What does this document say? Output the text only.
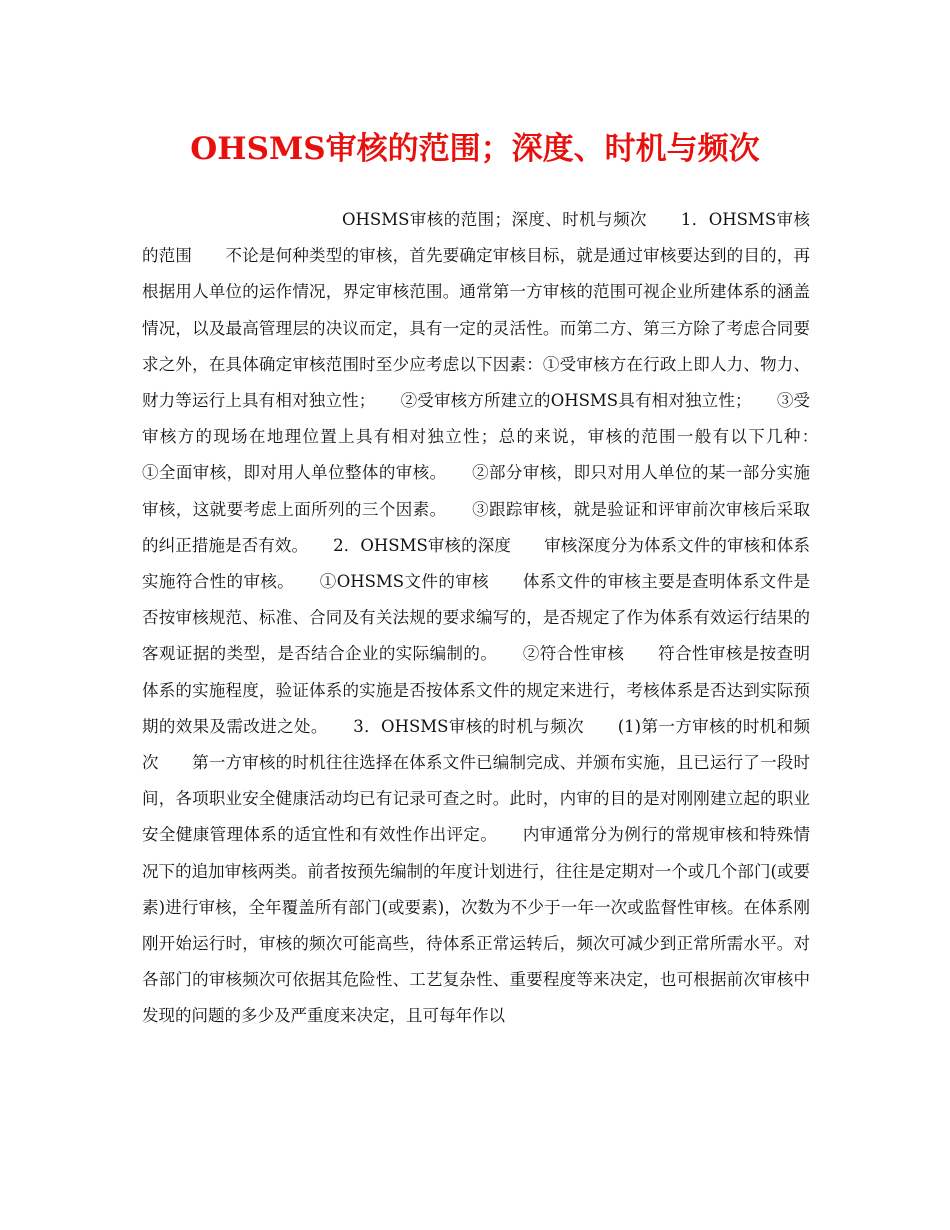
OHSMS审核的范围；深度、时机与频次

OHSMS审核的范围；深度、时机与频次　　1．OHSMS审核的范围　　不论是何种类型的审核，首先要确定审核目标，就是通过审核要达到的目的，再根据用人单位的运作情况，界定审核范围。通常第一方审核的范围可视企业所建体系的涵盖情况，以及最高管理层的决议而定，具有一定的灵活性。而第二方、第三方除了考虑合同要求之外，在具体确定审核范围时至少应考虑以下因素：①受审核方在行政上即人力、物力、财力等运行上具有相对独立性；　　②受审核方所建立的OHSMS具有相对独立性；　　③受审核方的现场在地理位置上具有相对独立性；总的来说，审核的范围一般有以下几种：　　①全面审核，即对用人单位整体的审核。　　②部分审核，即只对用人单位的某一部分实施审核，这就要考虑上面所列的三个因素。　　③跟踪审核，就是验证和评审前次审核后采取的纠正措施是否有效。　　2．OHSMS审核的深度　　审核深度分为体系文件的审核和体系实施符合性的审核。　　①OHSMS文件的审核　　体系文件的审核主要是查明体系文件是否按审核规范、标准、合同及有关法规的要求编写的，是否规定了作为体系有效运行结果的客观证据的类型，是否结合企业的实际编制的。　　②符合性审核　　符合性审核是按查明体系的实施程度，验证体系的实施是否按体系文件的规定来进行，考核体系是否达到实际预期的效果及需改进之处。　　3．OHSMS审核的时机与频次　　(1)第一方审核的时机和频次　　第一方审核的时机往往选择在体系文件已编制完成、并颁布实施，且已运行了一段时间，各项职业安全健康活动均已有记录可查之时。此时，内审的目的是对刚刚建立起的职业安全健康管理体系的适宜性和有效性作出评定。　　内审通常分为例行的常规审核和特殊情况下的追加审核两类。前者按预先编制的年度计划进行，往往是定期对一个或几个部门(或要素)进行审核，全年覆盖所有部门(或要素)，次数为不少于一年一次或监督性审核。在体系刚刚开始运行时，审核的频次可能高些，待体系正常运转后，频次可减少到正常所需水平。对各部门的审核频次可依据其危险性、工艺复杂性、重要程度等来决定，也可根据前次审核中发现的问题的多少及严重度来决定，且可每年作以
